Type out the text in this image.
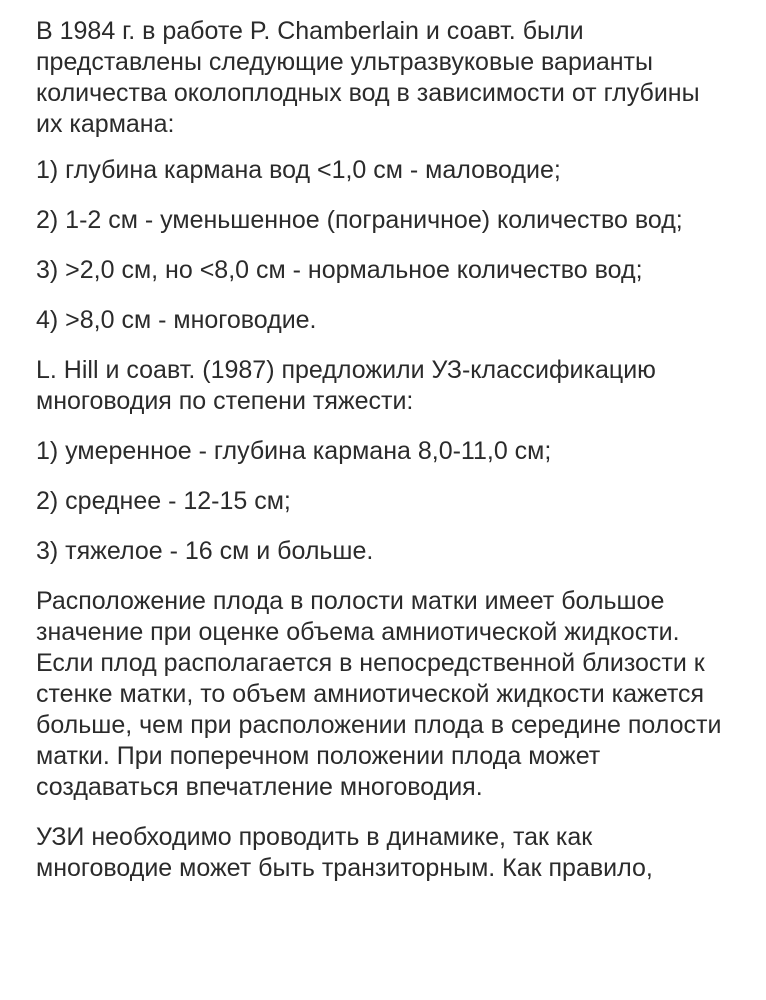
В 1984 г. в работе P. Chamberlain и соавт. были представлены следующие ультразвуковые варианты количества околоплодных вод в зависимости от глубины их кармана:

1) глубина кармана вод <1,0 см - маловодие;

2) 1-2 см - уменьшенное (пограничное) количество вод;

3) >2,0 см, но <8,0 см - нормальное количество вод;

4) >8,0 см - многоводие.

L. Hill и соавт. (1987) предложили УЗ-классификацию многоводия по степени тяжести:

1) умеренное - глубина кармана 8,0-11,0 см;

2) среднее - 12-15 см;

3) тяжелое - 16 см и больше.

Расположение плода в полости матки имеет большое значение при оценке объема амниотической жидкости. Если плод располагается в непосредственной близости к стенке матки, то объем амниотической жидкости кажется больше, чем при расположении плода в середине полости матки. При поперечном положении плода может создаваться впечатление многоводия.

УЗИ необходимо проводить в динамике, так как многоводие может быть транзиторным. Как правило,
